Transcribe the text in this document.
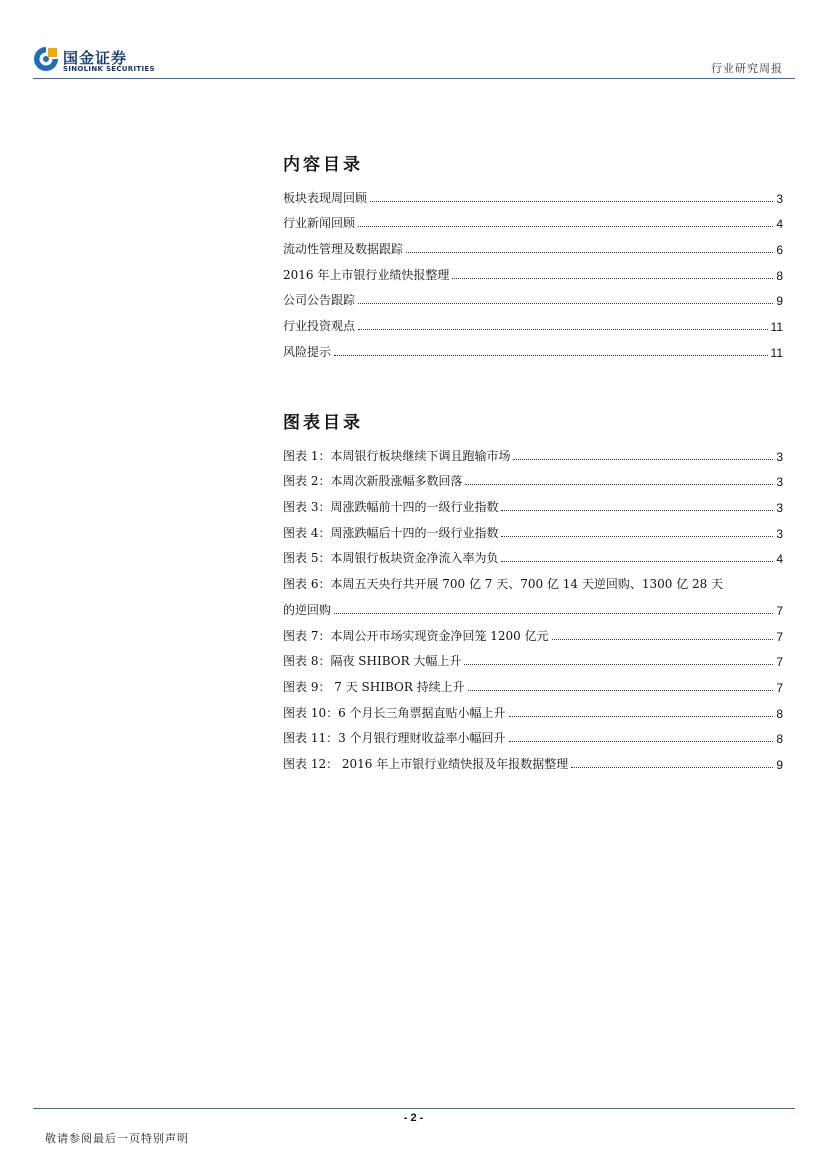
国金证券
SINOLINK SECURITIES	行业研究周报
内容目录
板块表现周回顾	3
行业新闻回顾	4
流动性管理及数据跟踪	6
2016 年上市银行业绩快报整理	8
公司公告跟踪	9
行业投资观点	11
风险提示	11
图表目录
图表 1：本周银行板块继续下调且跑输市场	3
图表 2：本周次新股涨幅多数回落	3
图表 3：周涨跌幅前十四的一级行业指数	3
图表 4：周涨跌幅后十四的一级行业指数	3
图表 5：本周银行板块资金净流入率为负	4
图表 6：本周五天央行共开展 700 亿 7 天、700 亿 14 天逆回购、1300 亿 28 天
的逆回购	7
图表 7：本周公开市场实现资金净回笼 1200 亿元	7
图表 8：隔夜 SHIBOR 大幅上升	7
图表 9： 7 天 SHIBOR 持续上升	7
图表 10：6 个月长三角票据直贴小幅上升	8
图表 11：3 个月银行理财收益率小幅回升	8
图表 12： 2016 年上市银行业绩快报及年报数据整理	9
- 2 -
敬请参阅最后一页特别声明
